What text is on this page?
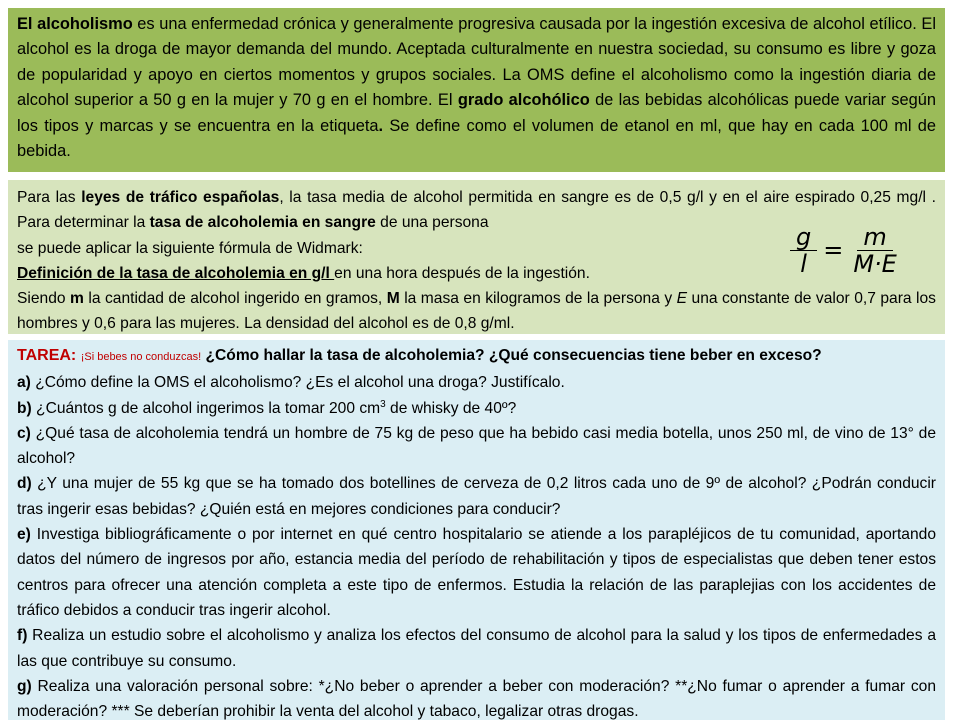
El alcoholismo es una enfermedad crónica y generalmente progresiva causada por la ingestión excesiva de alcohol etílico. El alcohol es la droga de mayor demanda del mundo. Aceptada culturalmente en nuestra sociedad, su consumo es libre y goza de popularidad y apoyo en ciertos momentos y grupos sociales. La OMS define el alcoholismo como la ingestión diaria de alcohol superior a 50 g en la mujer y 70 g en el hombre. El grado alcohólico de las bebidas alcohólicas puede variar según los tipos y marcas y se encuentra en la etiqueta. Se define como el volumen de etanol en ml, que hay en cada 100 ml de bebida.

Para las leyes de tráfico españolas, la tasa media de alcohol permitida en sangre es de 0,5 g/l y en el aire espirado 0,25 mg/l . Para determinar la tasa de alcoholemia en sangre de una persona

se puede aplicar la siguiente fórmula de Widmark:

Definición de la tasa de alcoholemia en g/l en una hora después de la ingestión.

Siendo m la cantidad de alcohol ingerido en gramos, M la masa en kilogramos de la persona y E una constante de valor 0,7 para los hombres y 0,6 para las mujeres. La densidad del alcohol es de 0,8 g/ml.

$\frac{g}{l} = \frac{m}{M\cdot E}$

TAREA: ¡Si bebes no conduzcas! ¿Cómo hallar la tasa de alcoholemia? ¿Qué consecuencias tiene beber en exceso?

a) ¿Cómo define la OMS el alcoholismo? ¿Es el alcohol una droga? Justifícalo.

b) ¿Cuántos g de alcohol ingerimos la tomar 200 $cm^3$ de whisky de 40º?

c) ¿Qué tasa de alcoholemia tendrá un hombre de 75 kg de peso que ha bebido casi media botella, unos 250 ml, de vino de 13° de alcohol?

d) ¿Y una mujer de 55 kg que se ha tomado dos botellines de cerveza de 0,2 litros cada uno de 9º de alcohol? ¿Podrán conducir tras ingerir esas bebidas? ¿Quién está en mejores condiciones para conducir?

e) Investiga bibliográficamente o por internet en qué centro hospitalario se atiende a los parapléjicos de tu comunidad, aportando datos del número de ingresos por año, estancia media del período de rehabilitación y tipos de especialistas que deben tener estos centros para ofrecer una atención completa a este tipo de enfermos. Estudia la relación de las paraplejias con los accidentes de tráfico debidos a conducir tras ingerir alcohol.

f) Realiza un estudio sobre el alcoholismo y analiza los efectos del consumo de alcohol para la salud y los tipos de enfermedades a las que contribuye su consumo.

g) Realiza una valoración personal sobre: *¿No beber o aprender a beber con moderación? **¿No fumar o aprender a fumar con moderación? *** Se deberían prohibir la venta del alcohol y tabaco, legalizar otras drogas.
